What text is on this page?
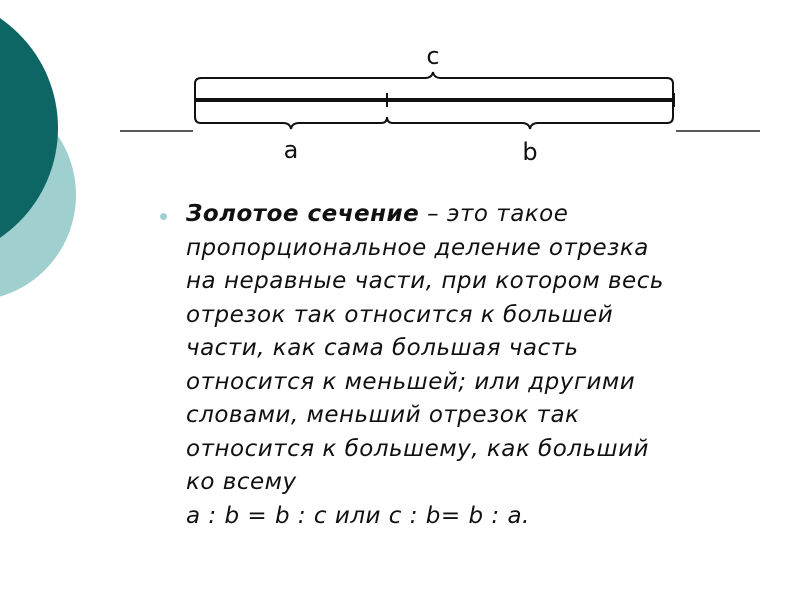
c
a	b
Золотое сечение – это такое
пропорциональное деление отрезка
на неравные части, при котором весь
отрезок так относится к большей
части, как сама большая часть
относится к меньшей; или другими
словами, меньший отрезок так
относится к большему, как больший
ко всему
a : b = b : c или c : b= b : a.
